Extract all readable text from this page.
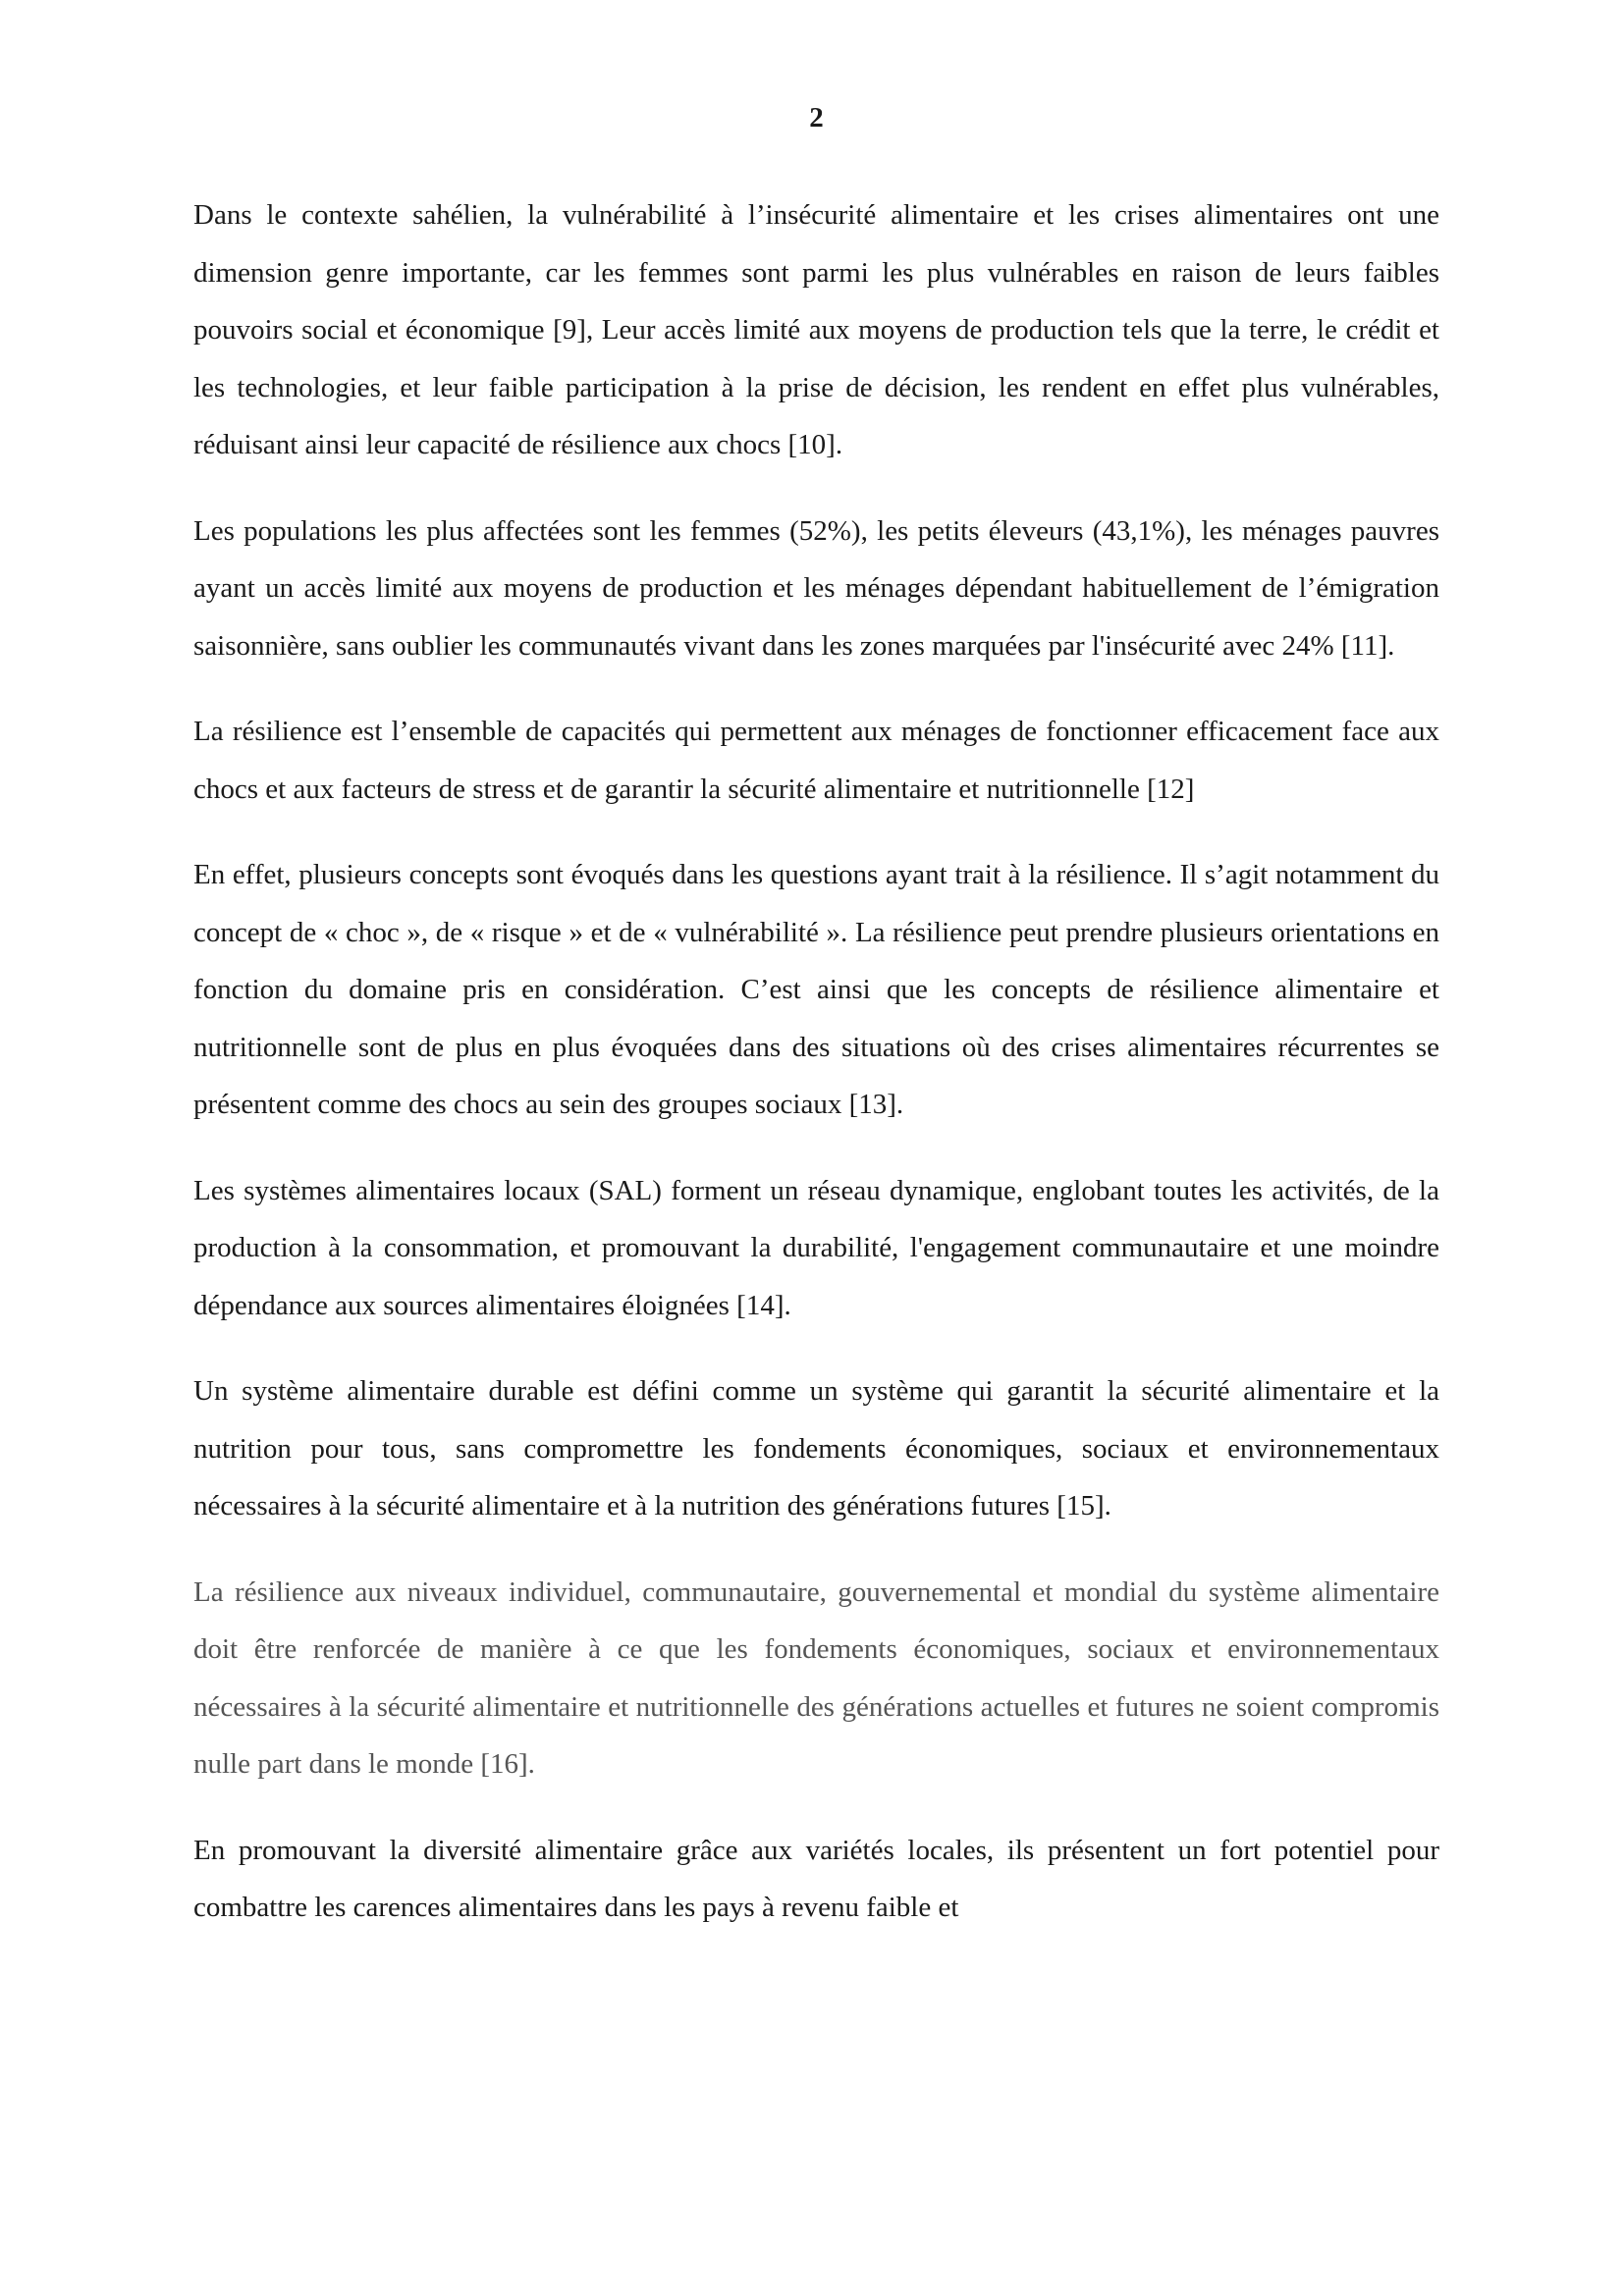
2

Dans le contexte sahélien, la vulnérabilité à l’insécurité alimentaire et les crises alimentaires ont une dimension genre importante, car les femmes sont parmi les plus vulnérables en raison de leurs faibles pouvoirs social et économique [9], Leur accès limité aux moyens de production tels que la terre, le crédit et les technologies, et leur faible participation à la prise de décision, les rendent en effet plus vulnérables, réduisant ainsi leur capacité de résilience aux chocs [10].

Les populations les plus affectées sont les femmes (52%), les petits éleveurs (43,1%), les ménages pauvres ayant un accès limité aux moyens de production et les ménages dépendant habituellement de l’émigration saisonnière, sans oublier les communautés vivant dans les zones marquées par l'insécurité avec 24% [11].

La résilience est l’ensemble de capacités qui permettent aux ménages de fonctionner efficacement face aux chocs et aux facteurs de stress et de garantir la sécurité alimentaire et nutritionnelle [12]

En effet, plusieurs concepts sont évoqués dans les questions ayant trait à la résilience. Il s’agit notamment du concept de « choc », de « risque » et de « vulnérabilité ». La résilience peut prendre plusieurs orientations en fonction du domaine pris en considération. C’est ainsi que les concepts de résilience alimentaire et nutritionnelle sont de plus en plus évoquées dans des situations où des crises alimentaires récurrentes se présentent comme des chocs au sein des groupes sociaux [13].

Les systèmes alimentaires locaux (SAL) forment un réseau dynamique, englobant toutes les activités, de la production à la consommation, et promouvant la durabilité, l'engagement communautaire et une moindre dépendance aux sources alimentaires éloignées [14].

Un système alimentaire durable est défini comme un système qui garantit la sécurité alimentaire et la nutrition pour tous, sans compromettre les fondements économiques, sociaux et environnementaux nécessaires à la sécurité alimentaire et à la nutrition des générations futures [15].

La résilience aux niveaux individuel, communautaire, gouvernemental et mondial du système alimentaire doit être renforcée de manière à ce que les fondements économiques, sociaux et environnementaux nécessaires à la sécurité alimentaire et nutritionnelle des générations actuelles et futures ne soient compromis nulle part dans le monde [16].

En promouvant la diversité alimentaire grâce aux variétés locales, ils présentent un fort potentiel pour combattre les carences alimentaires dans les pays à revenu faible et
